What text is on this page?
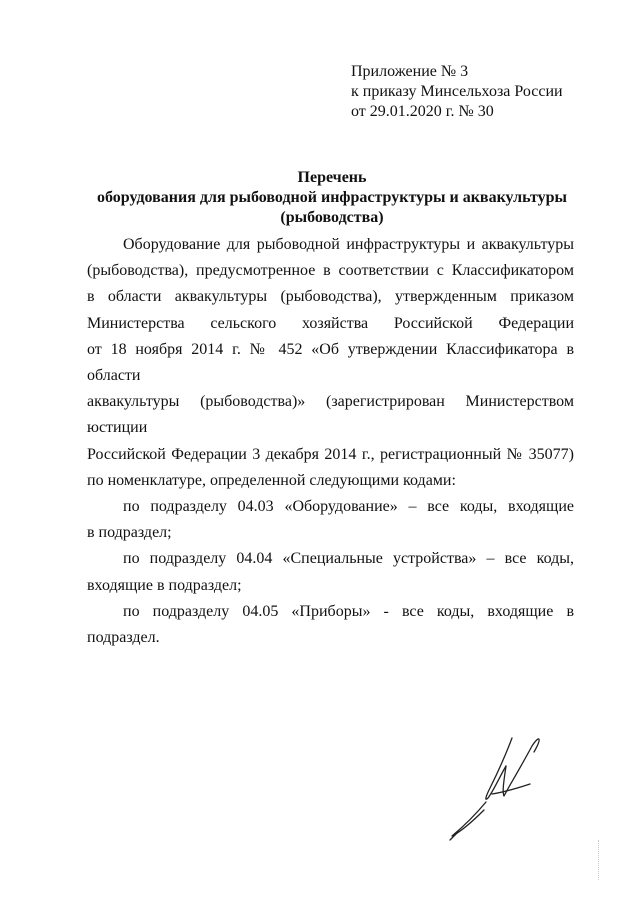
Приложение № 3
к приказу Минсельхоза России
от 29.01.2020 г. № 30
Перечень
оборудования для рыбоводной инфраструктуры и аквакультуры
(рыбоводства)
Оборудование для рыбоводной инфраструктуры и аквакультуры
(рыбоводства), предусмотренное в соответствии с Классификатором
в области аквакультуры (рыбоводства), утвержденным приказом
Министерства сельского хозяйства Российской Федерации
от 18 ноября 2014 г. № 452 «Об утверждении Классификатора в области
аквакультуры (рыбоводства)» (зарегистрирован Министерством юстиции
Российской Федерации 3 декабря 2014 г., регистрационный № 35077)
по номенклатуре, определенной следующими кодами:
по подразделу 04.03 «Оборудование» – все коды, входящие
в подраздел;
по подразделу 04.04 «Специальные устройства» – все коды,
входящие в подраздел;
по подразделу 04.05 «Приборы» - все коды, входящие в подраздел.
